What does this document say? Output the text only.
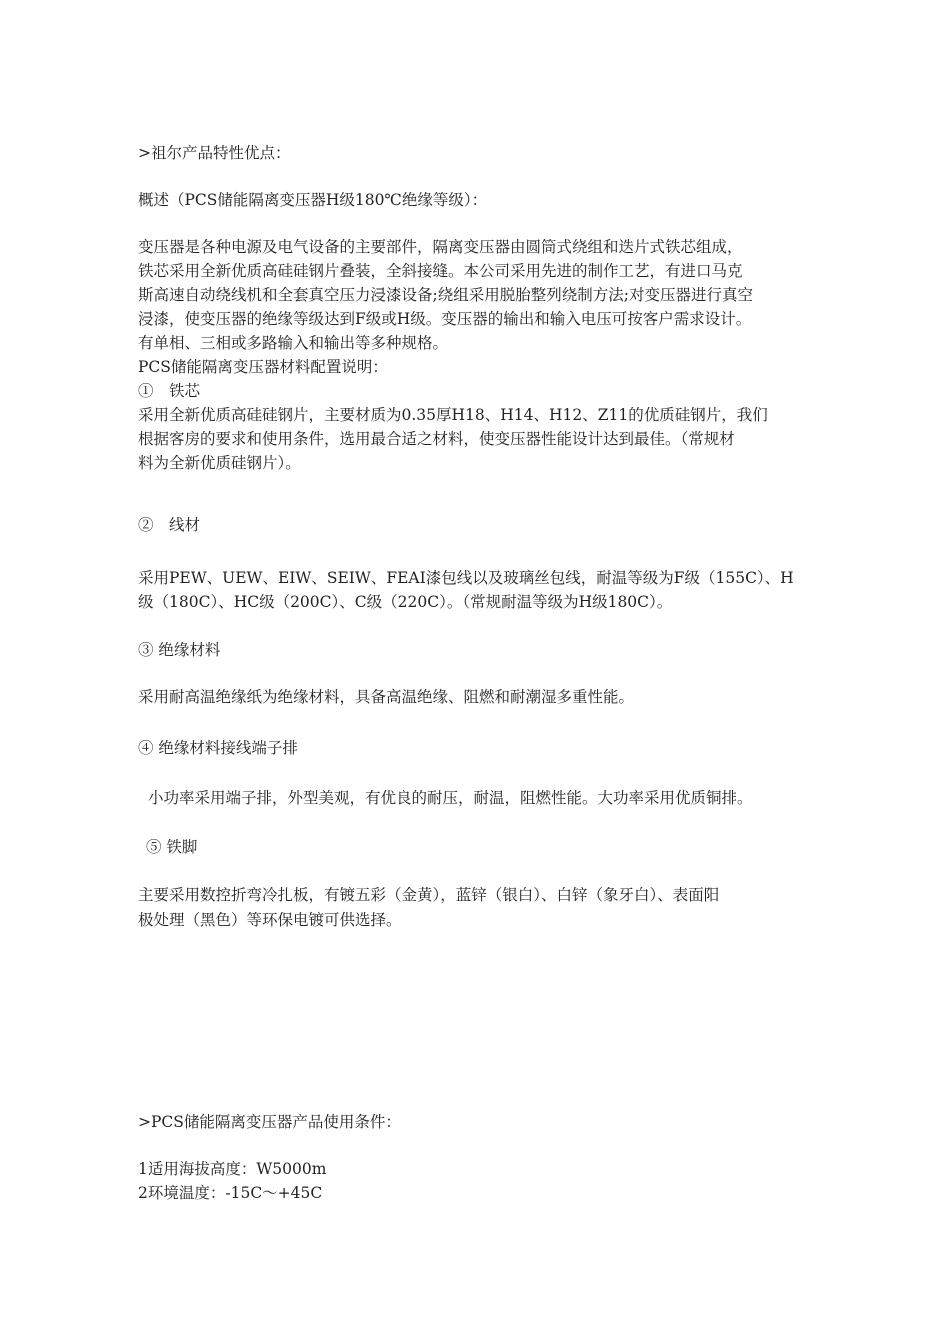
>祖尔产品特性优点：
概述（PCS储能隔离变压器H级180℃绝缘等级）：
变压器是各种电源及电气设备的主要部件，隔离变压器由圆筒式绕组和迭片式铁芯组成，
铁芯采用全新优质高硅硅钢片叠装，全斜接缝。本公司采用先进的制作工艺，有进口马克
斯高速自动绕线机和全套真空压力浸漆设备;绕组采用脱胎整列绕制方法;对变压器进行真空
浸漆，使变压器的绝缘等级达到F级或H级。变压器的输出和输入电压可按客户需求设计。
有单相、三相或多路输入和输出等多种规格。
PCS储能隔离变压器材料配置说明：
①　铁芯
采用全新优质高硅硅钢片，主要材质为0.35厚H18、H14、H12、Z11的优质硅钢片，我们
根据客房的要求和使用条件，选用最合适之材料，使变压器性能设计达到最佳。（常规材
料为全新优质硅钢片）。
②　线材
采用PEW、UEW、EIW、SEIW、FEAI漆包线以及玻璃丝包线，耐温等级为F级（155C）、H
级（180C）、HC级（200C）、C级（220C）。（常规耐温等级为H级180C）。
③ 绝缘材料
采用耐高温绝缘纸为绝缘材料，具备高温绝缘、阻燃和耐潮湿多重性能。
④ 绝缘材料接线端子排
小功率采用端子排，外型美观，有优良的耐压，耐温，阻燃性能。大功率采用优质铜排。
⑤ 铁脚
主要采用数控折弯冷扎板，有镀五彩（金黄），蓝锌（银白）、白锌（象牙白）、表面阳
极处理（黑色）等环保电镀可供选择。
>PCS储能隔离变压器产品使用条件：
1适用海拔高度：W5000m
2环境温度：-15C〜+45C
